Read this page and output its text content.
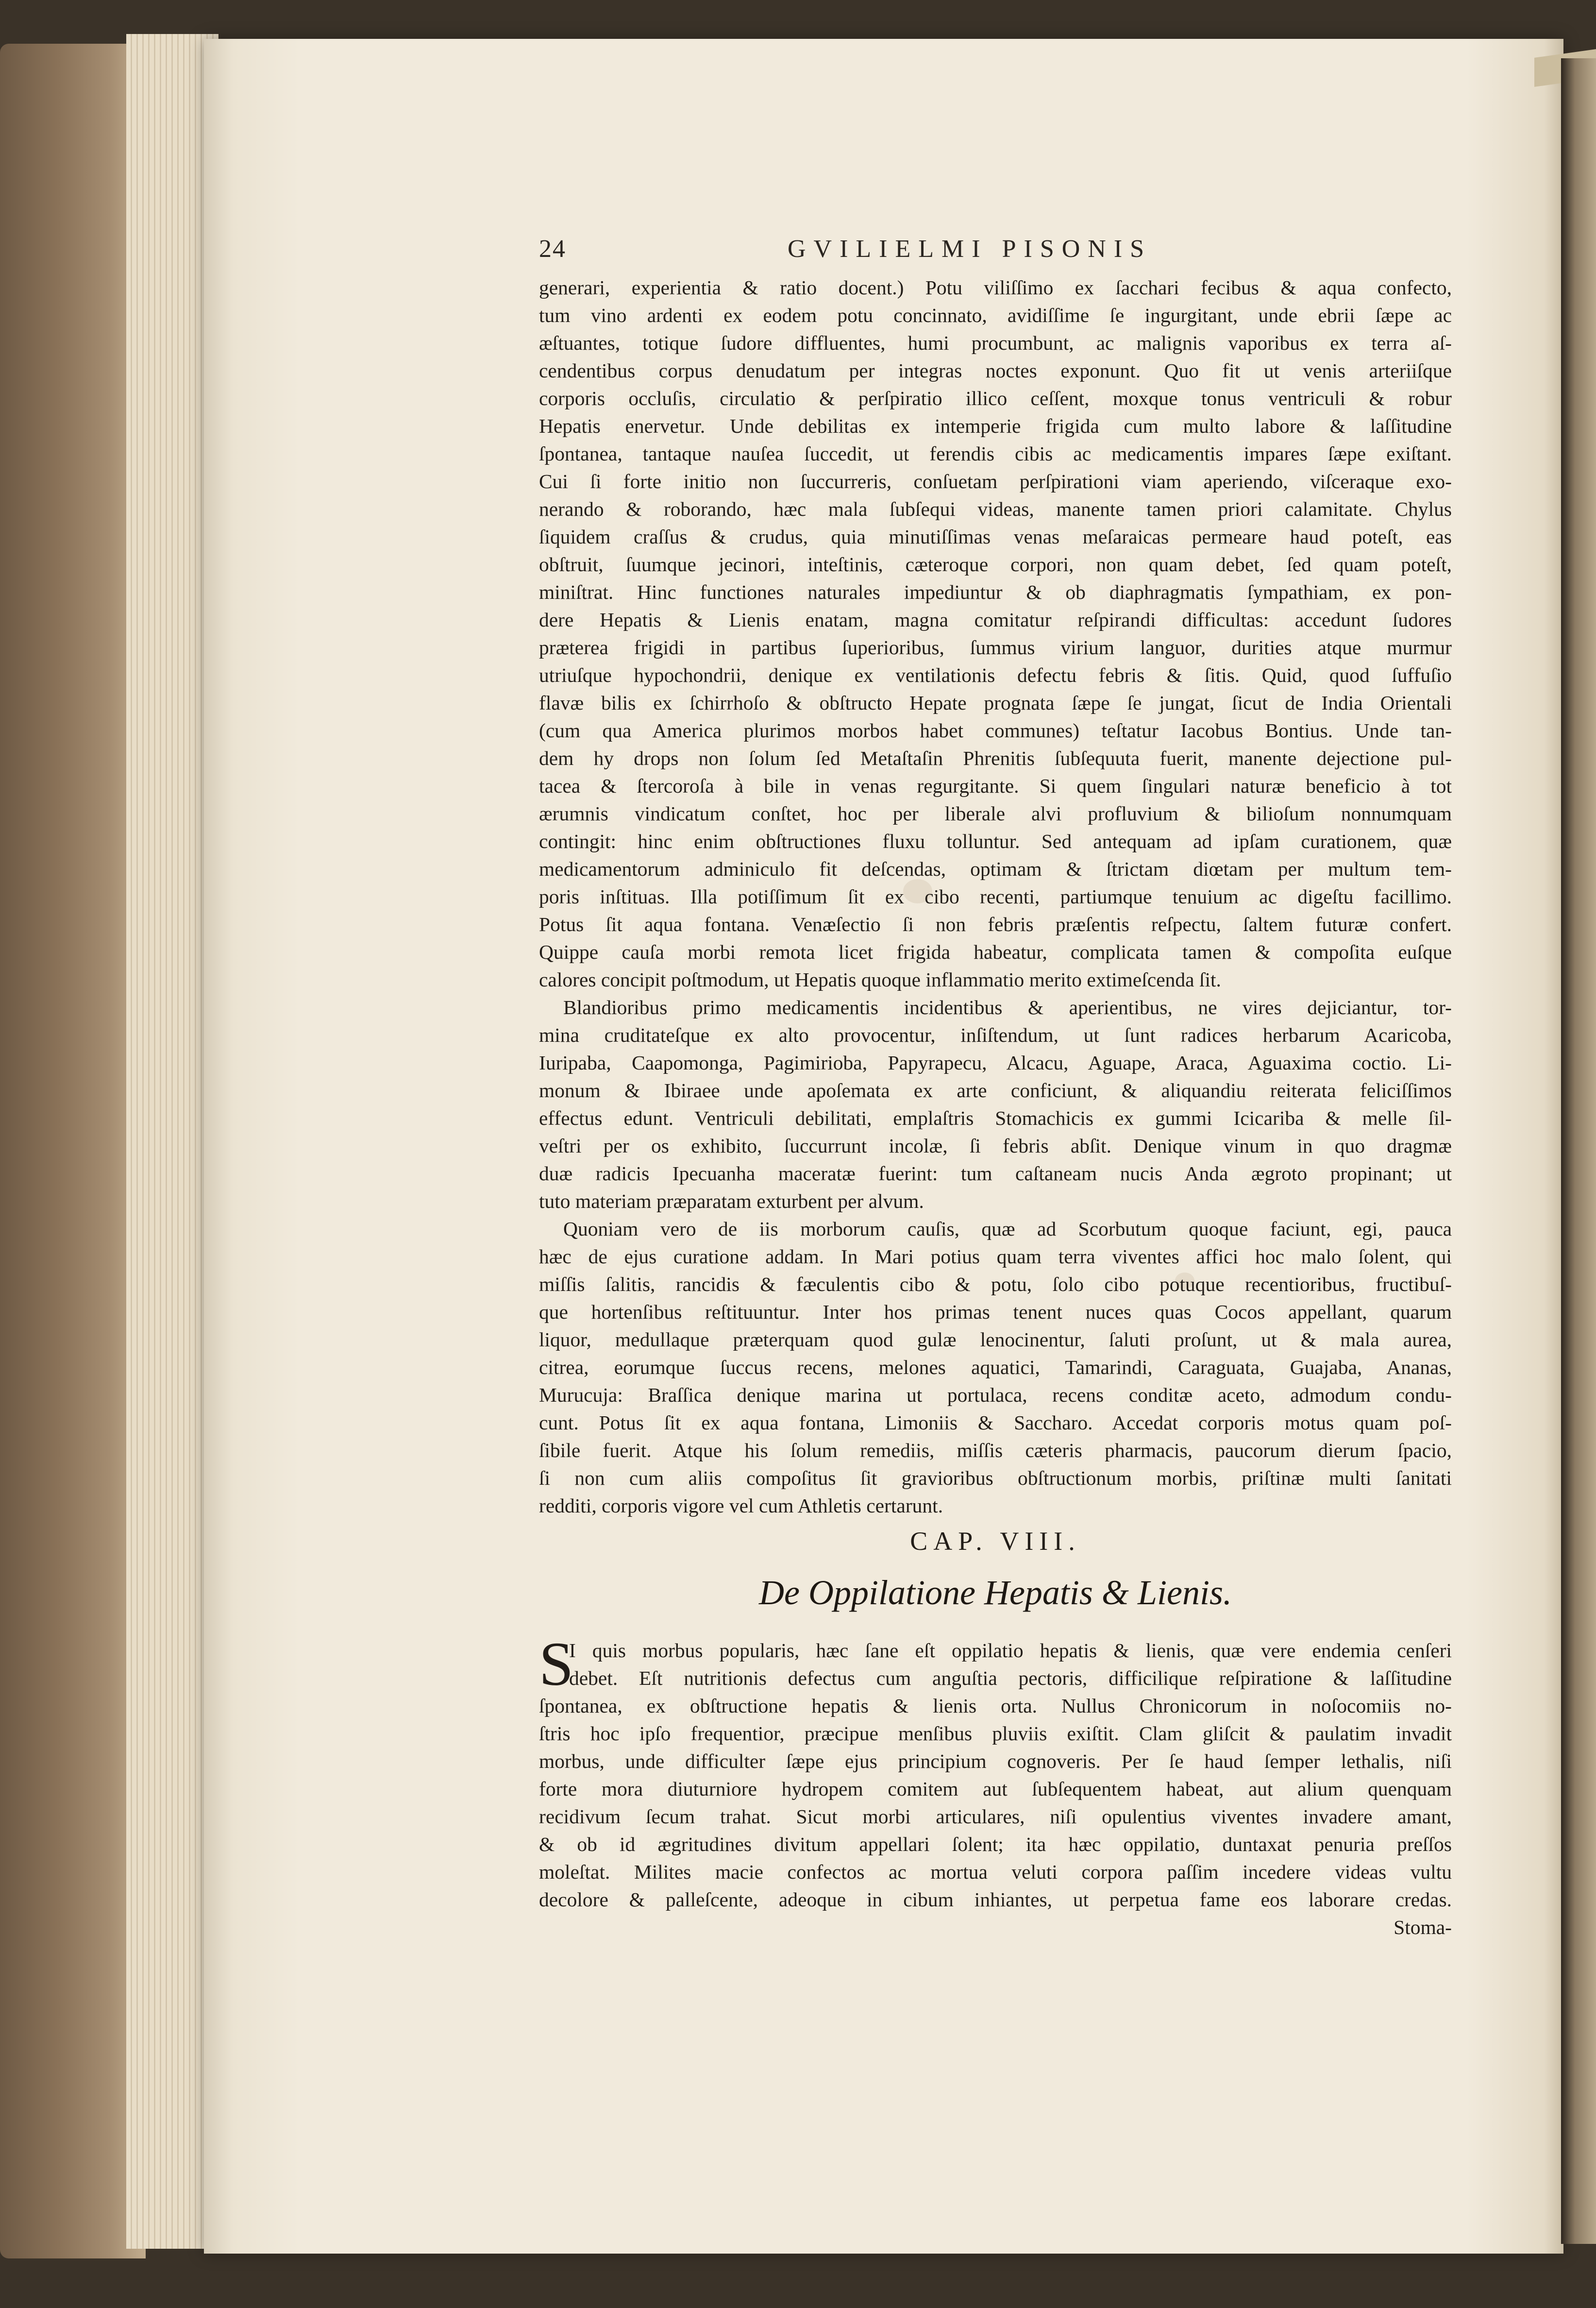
24	GVILIELMI PISONIS
generari, experientia & ratio docent.) Potu viliſſimo ex ſacchari fecibus & aqua confecto,
tum vino ardenti ex eodem potu concinnato, avidiſſime ſe ingurgitant, unde ebrii ſæpe ac
æſtuantes, totique ſudore diffluentes, humi procumbunt, ac malignis vaporibus ex terra aſ-
cendentibus corpus denudatum per integras noctes exponunt. Quo fit ut venis arteriiſque
corporis occluſis, circulatio & perſpiratio illico ceſſent, moxque tonus ventriculi & robur
Hepatis enervetur. Unde debilitas ex intemperie frigida cum multo labore & laſſitudine
ſpontanea, tantaque nauſea ſuccedit, ut ferendis cibis ac medicamentis impares ſæpe exiſtant.
Cui ſi forte initio non ſuccurreris, conſuetam perſpirationi viam aperiendo, viſceraque exo-
nerando & roborando, hæc mala ſubſequi videas, manente tamen priori calamitate. Chylus
ſiquidem craſſus & crudus, quia minutiſſimas venas meſaraicas permeare haud poteſt, eas
obſtruit, ſuumque jecinori, inteſtinis, cæteroque corpori, non quam debet, ſed quam poteſt,
miniſtrat. Hinc functiones naturales impediuntur & ob diaphragmatis ſympathiam, ex pon-
dere Hepatis & Lienis enatam, magna comitatur reſpirandi difficultas: accedunt ſudores
præterea frigidi in partibus ſuperioribus, ſummus virium languor, durities atque murmur
utriuſque hypochondrii, denique ex ventilationis defectu febris & ſitis. Quid, quod ſuffuſio
flavæ bilis ex ſchirrhoſo & obſtructo Hepate prognata ſæpe ſe jungat, ſicut de India Orientali
(cum qua America plurimos morbos habet communes) teſtatur Iacobus Bontius. Unde tan-
dem hy drops non ſolum ſed Metaſtaſin Phrenitis ſubſequuta fuerit, manente dejectione pul-
tacea & ſtercoroſa à bile in venas regurgitante. Si quem ſingulari naturæ beneficio à tot
ærumnis vindicatum conſtet, hoc per liberale alvi profluvium & bilioſum nonnumquam
contingit: hinc enim obſtructiones fluxu tolluntur. Sed antequam ad ipſam curationem, quæ
medicamentorum adminiculo fit deſcendas, optimam & ſtrictam diœtam per multum tem-
poris inſtituas. Illa potiſſimum ſit ex cibo recenti, partiumque tenuium ac digeſtu facillimo.
Potus ſit aqua fontana. Venæſectio ſi non febris præſentis reſpectu, ſaltem futuræ confert.
Quippe cauſa morbi remota licet frigida habeatur, complicata tamen & compoſita euſque
calores concipit poſtmodum, ut Hepatis quoque inflammatio merito extimeſcenda ſit.
Blandioribus primo medicamentis incidentibus & aperientibus, ne vires dejiciantur, tor-
mina cruditateſque ex alto provocentur, inſiſtendum, ut ſunt radices herbarum Acaricoba,
Iuripaba, Caapomonga, Pagimirioba, Papyrapecu, Alcacu, Aguape, Araca, Aguaxima coctio. Li-
monum & Ibiraee unde apoſemata ex arte conficiunt, & aliquandiu reiterata feliciſſimos
effectus edunt. Ventriculi debilitati, emplaſtris Stomachicis ex gummi Icicariba & melle ſil-
veſtri per os exhibito, ſuccurrunt incolæ, ſi febris abſit. Denique vinum in quo dragmæ
duæ radicis Ipecuanha maceratæ fuerint: tum caſtaneam nucis Anda ægroto propinant; ut
tuto materiam præparatam exturbent per alvum.
Quoniam vero de iis morborum cauſis, quæ ad Scorbutum quoque faciunt, egi, pauca
hæc de ejus curatione addam. In Mari potius quam terra viventes affici hoc malo ſolent, qui
miſſis ſalitis, rancidis & fæculentis cibo & potu, ſolo cibo potuque recentioribus, fructibuſ-
que hortenſibus reſtituuntur. Inter hos primas tenent nuces quas Cocos appellant, quarum
liquor, medullaque præterquam quod gulæ lenocinentur, ſaluti proſunt, ut & mala aurea,
citrea, eorumque ſuccus recens, melones aquatici, Tamarindi, Caraguata, Guajaba, Ananas,
Murucuja: Braſſica denique marina ut portulaca, recens conditæ aceto, admodum condu-
cunt. Potus ſit ex aqua fontana, Limoniis & Saccharo. Accedat corporis motus quam poſ-
ſibile fuerit. Atque his ſolum remediis, miſſis cæteris pharmacis, paucorum dierum ſpacio,
ſi non cum aliis compoſitus ſit gravioribus obſtructionum morbis, priſtinæ multi ſanitati
redditi, corporis vigore vel cum Athletis certarunt.
CAP. VIII.
De Oppilatione Hepatis & Lienis.
S
I quis morbus popularis, hæc ſane eſt oppilatio hepatis & lienis, quæ vere endemia cenſeri
debet. Eſt nutritionis defectus cum anguſtia pectoris, difficilique reſpiratione & laſſitudine
ſpontanea, ex obſtructione hepatis & lienis orta. Nullus Chronicorum in noſocomiis no-
ſtris hoc ipſo frequentior, præcipue menſibus pluviis exiſtit. Clam gliſcit & paulatim invadit
morbus, unde difficulter ſæpe ejus principium cognoveris. Per ſe haud ſemper lethalis, niſi
forte mora diuturniore hydropem comitem aut ſubſequentem habeat, aut alium quenquam
recidivum ſecum trahat. Sicut morbi articulares, niſi opulentius viventes invadere amant,
& ob id ægritudines divitum appellari ſolent; ita hæc oppilatio, duntaxat penuria preſſos
moleſtat. Milites macie confectos ac mortua veluti corpora paſſim incedere videas vultu
decolore & palleſcente, adeoque in cibum inhiantes, ut perpetua fame eos laborare credas.
Stoma-
